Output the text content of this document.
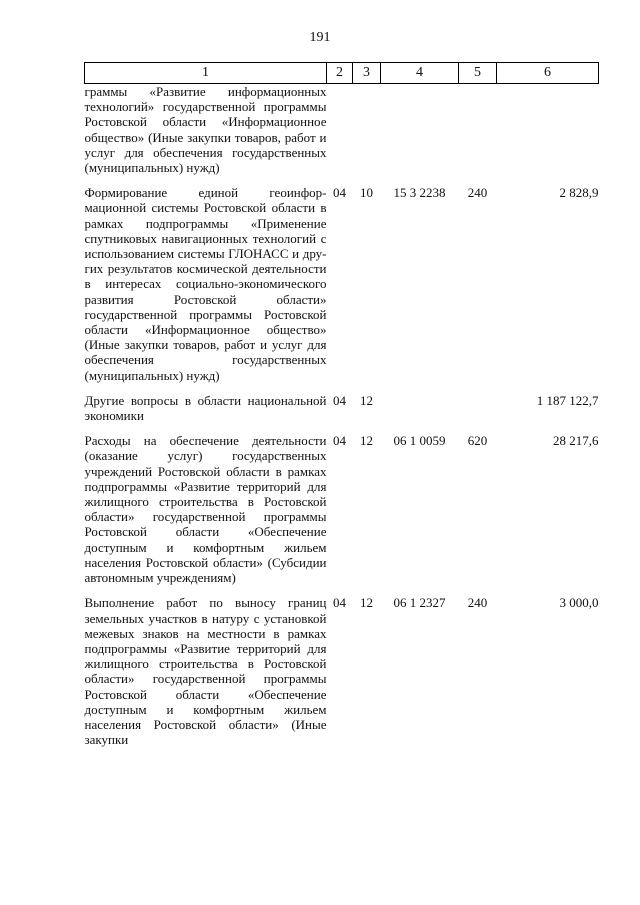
191
1	2	3	4	5	6
граммы «Развитие информационных технологий» государственной программы Ростовской области «Информационное общество» (Иные закупки товаров, работ и услуг для обеспечения государственных (муниципальных) нужд)					
Формирование единой геоинформационной системы Ростовской области в рамках подпрограммы «Применение спутниковых навигационных технологий с использованием системы ГЛОНАСС и других результатов космической деятельности в интересах социально-экономического развития Ростовской области» государственной программы Ростовской области «Информационное общество» (Иные закупки товаров, работ и услуг для обеспечения государственных (муниципальных) нужд)	04	10	15 3 2238	240	2 828,9
Другие вопросы в области национальной экономики	04	12			1 187 122,7
Расходы на обеспечение деятельности (оказание услуг) государственных учреждений Ростовской области в рамках подпрограммы «Развитие территорий для жилищного строительства в Ростовской области» государственной программы Ростовской области «Обеспечение доступным и комфортным жильем населения Ростовской области» (Субсидии автономным учреждениям)	04	12	06 1 0059	620	28 217,6
Выполнение работ по выносу границ земельных участков в натуру с установкой межевых знаков на местности в рамках подпрограммы «Развитие территорий для жилищного строительства в Ростовской области» государственной программы Ростовской области «Обеспечение доступным и комфортным жильем населения Ростовской области» (Иные закупки	04	12	06 1 2327	240	3 000,0
